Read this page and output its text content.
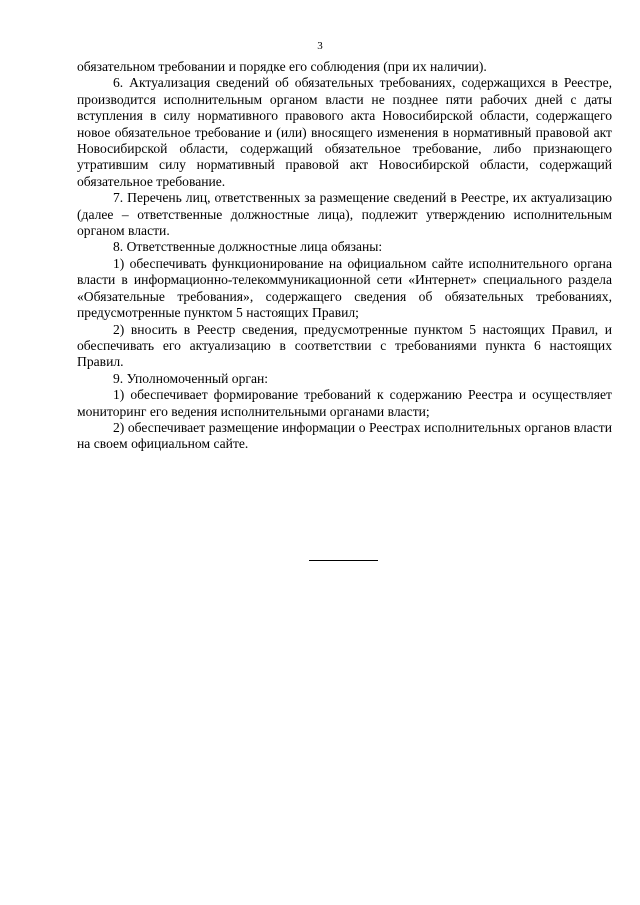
3

обязательном требовании и порядке его соблюдения (при их наличии).

6. Актуализация сведений об обязательных требованиях, содержащихся в Реестре, производится исполнительным органом власти не позднее пяти рабочих дней с даты вступления в силу нормативного правового акта Новосибирской области, содержащего новое обязательное требование и (или) вносящего изменения в нормативный правовой акт Новосибирской области, содержащий обязательное требование, либо признающего утратившим силу нормативный правовой акт Новосибирской области, содержащий обязательное требование.

7. Перечень лиц, ответственных за размещение сведений в Реестре, их актуализацию (далее – ответственные должностные лица), подлежит утверждению исполнительным органом власти.

8. Ответственные должностные лица обязаны:

1) обеспечивать функционирование на официальном сайте исполнительного органа власти в информационно-телекоммуникационной сети «Интернет» специального раздела «Обязательные требования», содержащего сведения об обязательных требованиях, предусмотренные пунктом 5 настоящих Правил;

2) вносить в Реестр сведения, предусмотренные пунктом 5 настоящих Правил, и обеспечивать его актуализацию в соответствии с требованиями пункта 6 настоящих Правил.

9. Уполномоченный орган:

1) обеспечивает формирование требований к содержанию Реестра и осуществляет мониторинг его ведения исполнительными органами власти;

2) обеспечивает размещение информации о Реестрах исполнительных органов власти на своем официальном сайте.
